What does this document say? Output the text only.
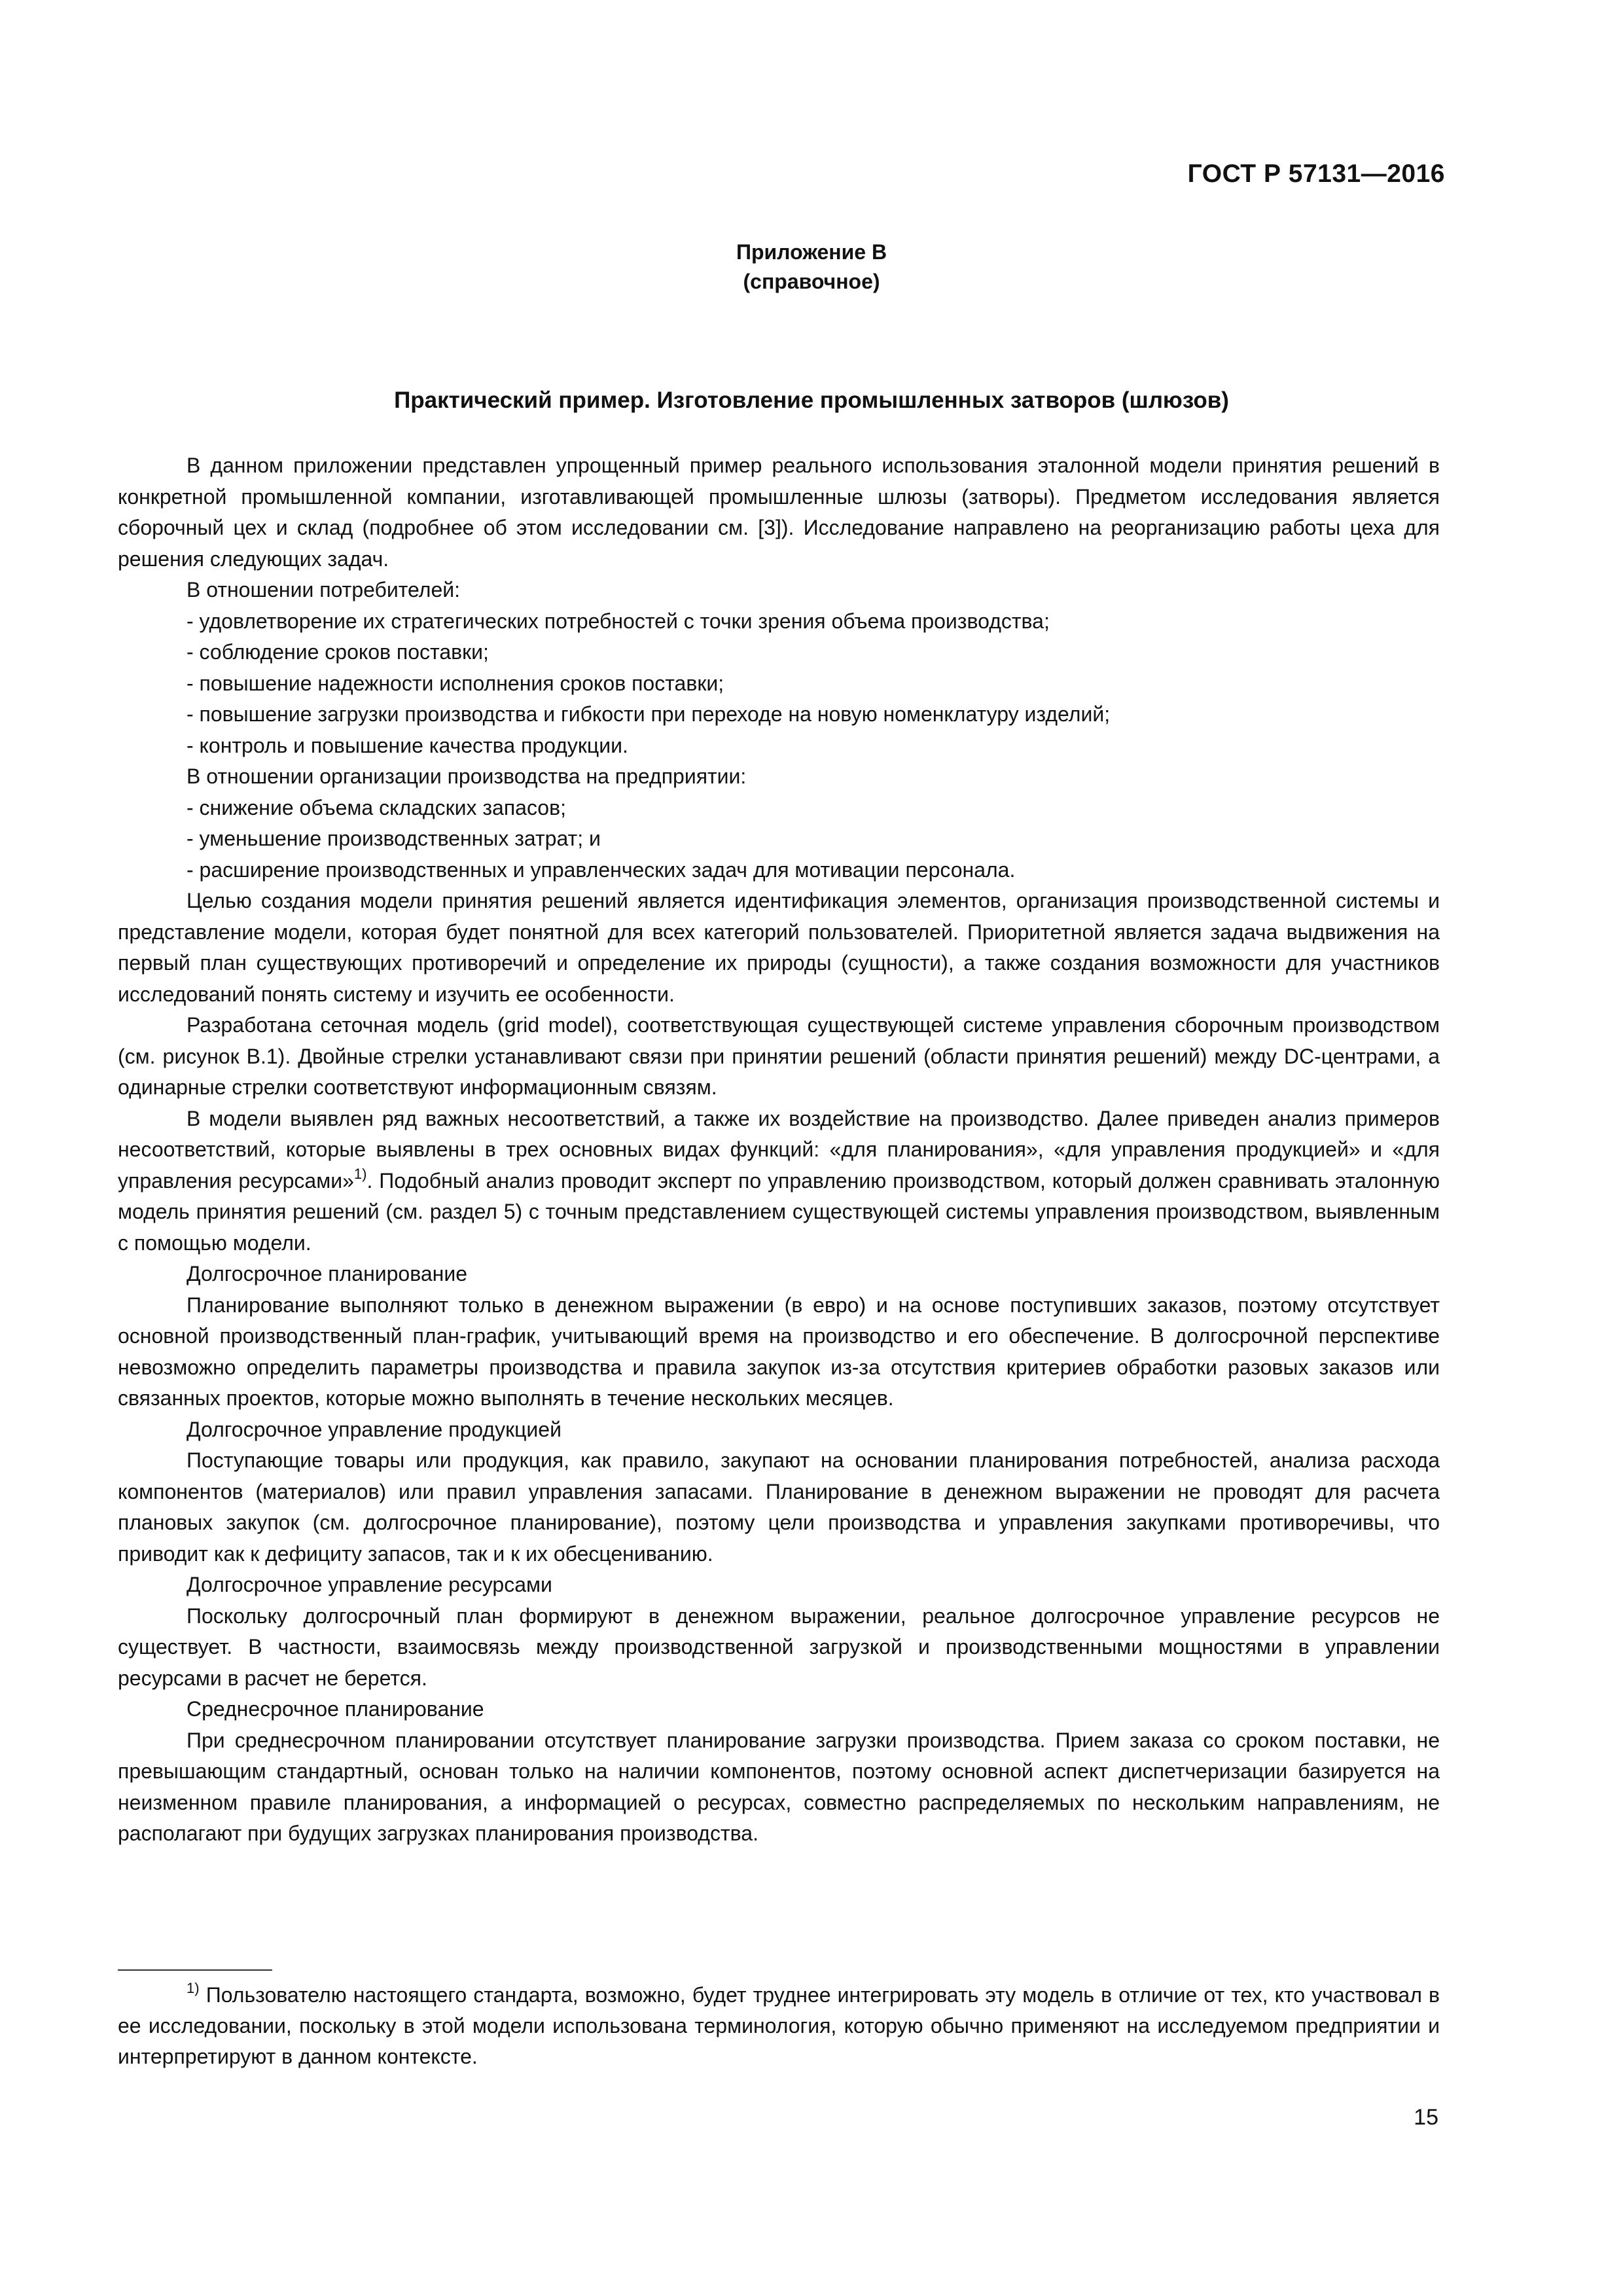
ГОСТ Р 57131—2016
Приложение В
(справочное)
Практический пример. Изготовление промышленных затворов (шлюзов)

В данном приложении представлен упрощенный пример реального использования эталонной модели принятия решений в конкретной промышленной компании, изготавливающей промышленные шлюзы (затворы). Предметом исследования является сборочный цех и склад (подробнее об этом исследовании см. [3]). Исследование направлено на реорганизацию работы цеха для решения следующих задач.

В отношении потребителей:

- удовлетворение их стратегических потребностей с точки зрения объема производства;

- соблюдение сроков поставки;

- повышение надежности исполнения сроков поставки;

- повышение загрузки производства и гибкости при переходе на новую номенклатуру изделий;

- контроль и повышение качества продукции.

В отношении организации производства на предприятии:

- снижение объема складских запасов;

- уменьшение производственных затрат; и

- расширение производственных и управленческих задач для мотивации персонала.

Целью создания модели принятия решений является идентификация элементов, организация производственной системы и представление модели, которая будет понятной для всех категорий пользователей. Приоритетной является задача выдвижения на первый план существующих противоречий и определение их природы (сущности), а также создания возможности для участников исследований понять систему и изучить ее особенности.

Разработана сеточная модель (grid model), соответствующая существующей системе управления сборочным производством (см. рисунок В.1). Двойные стрелки устанавливают связи при принятии решений (области принятия решений) между DC-центрами, а одинарные стрелки соответствуют информационным связям.

В модели выявлен ряд важных несоответствий, а также их воздействие на производство. Далее приведен анализ примеров несоответствий, которые выявлены в трех основных видах функций: «для планирования», «для управления продукцией» и «для управления ресурсами»$^{1)}$. Подобный анализ проводит эксперт по управлению производством, который должен сравнивать эталонную модель принятия решений (см. раздел 5) с точным представлением существующей системы управления производством, выявленным с помощью модели.

Долгосрочное планирование

Планирование выполняют только в денежном выражении (в евро) и на основе поступивших заказов, поэтому отсутствует основной производственный план-график, учитывающий время на производство и его обеспечение. В долгосрочной перспективе невозможно определить параметры производства и правила закупок из-за отсутствия критериев обработки разовых заказов или связанных проектов, которые можно выполнять в течение нескольких месяцев.

Долгосрочное управление продукцией

Поступающие товары или продукция, как правило, закупают на основании планирования потребностей, анализа расхода компонентов (материалов) или правил управления запасами. Планирование в денежном выражении не проводят для расчета плановых закупок (см. долгосрочное планирование), поэтому цели производства и управления закупками противоречивы, что приводит как к дефициту запасов, так и к их обесцениванию.

Долгосрочное управление ресурсами

Поскольку долгосрочный план формируют в денежном выражении, реальное долгосрочное управление ресурсов не существует. В частности, взаимосвязь между производственной загрузкой и производственными мощностями в управлении ресурсами в расчет не берется.

Среднесрочное планирование

При среднесрочном планировании отсутствует планирование загрузки производства. Прием заказа со сроком поставки, не превышающим стандартный, основан только на наличии компонентов, поэтому основной аспект диспетчеризации базируется на неизменном правиле планирования, а информацией о ресурсах, совместно распределяемых по нескольким направлениям, не располагают при будущих загрузках планирования производства.

$^{1)}$ Пользователю настоящего стандарта, возможно, будет труднее интегрировать эту модель в отличие от тех, кто участвовал в ее исследовании, поскольку в этой модели использована терминология, которую обычно применяют на исследуемом предприятии и интерпретируют в данном контексте.

15
